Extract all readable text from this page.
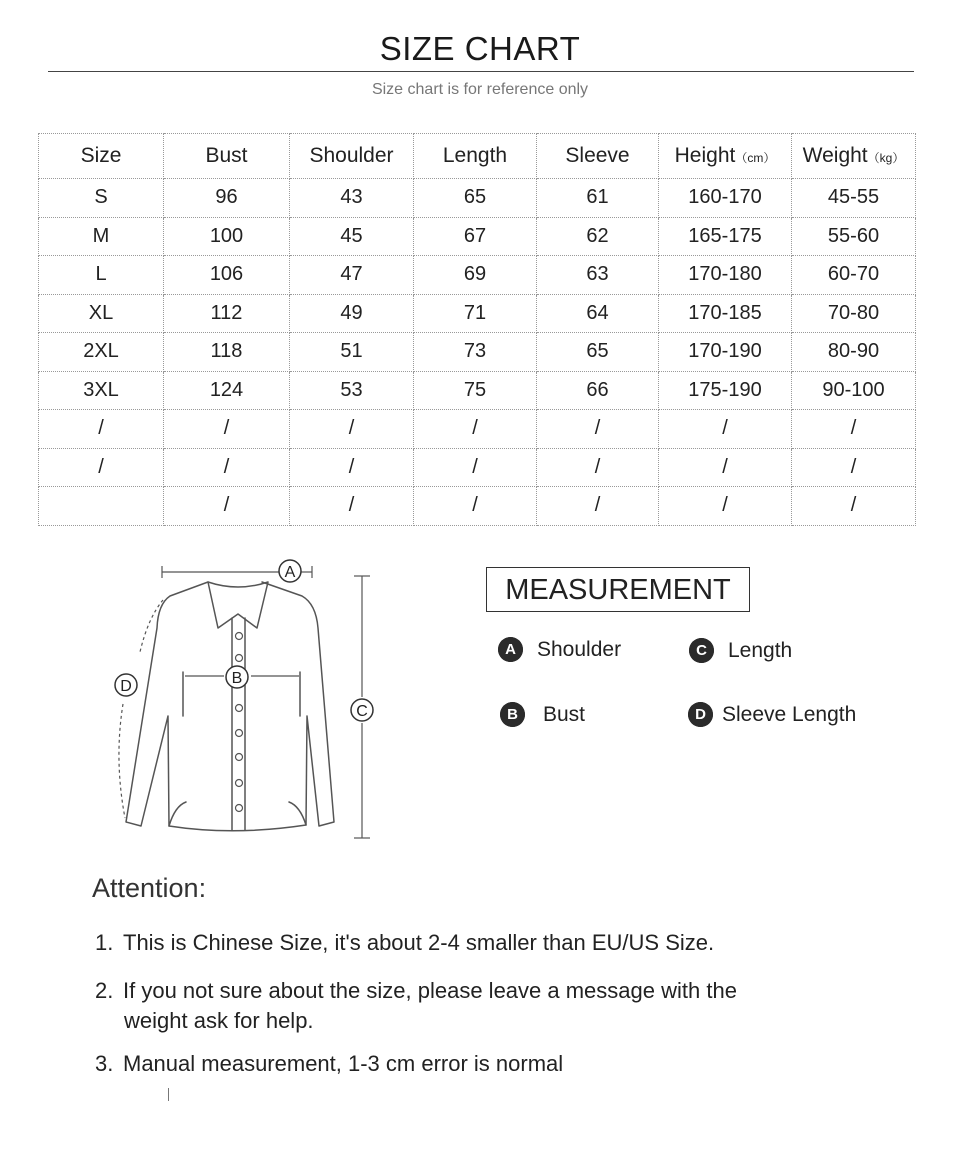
SIZE CHART
Size chart is for reference only
Size	Bust	Shoulder	Length	Sleeve	Height（cm）	Weight（kg）
S	96	43	65	61	160-170	45-55
M	100	45	67	62	165-175	55-60
L	106	47	69	63	170-180	60-70
XL	112	49	71	64	170-185	70-80
2XL	118	51	73	65	170-190	80-90
3XL	124	53	75	66	175-190	90-100
/	/	/	/	/	/	/
/	/	/	/	/	/	/
	/	/	/	/	/	/
A
B
C
D
MEASUREMENT
A	Shoulder	C	Length
B	Bust	D Sleeve Length
Attention:
1. This is Chinese Size, it's about 2-4 smaller than EU/US Size.
2. If you not sure about the size, please leave a message with the
weight ask for help.
3. Manual measurement, 1-3 cm error is normal
